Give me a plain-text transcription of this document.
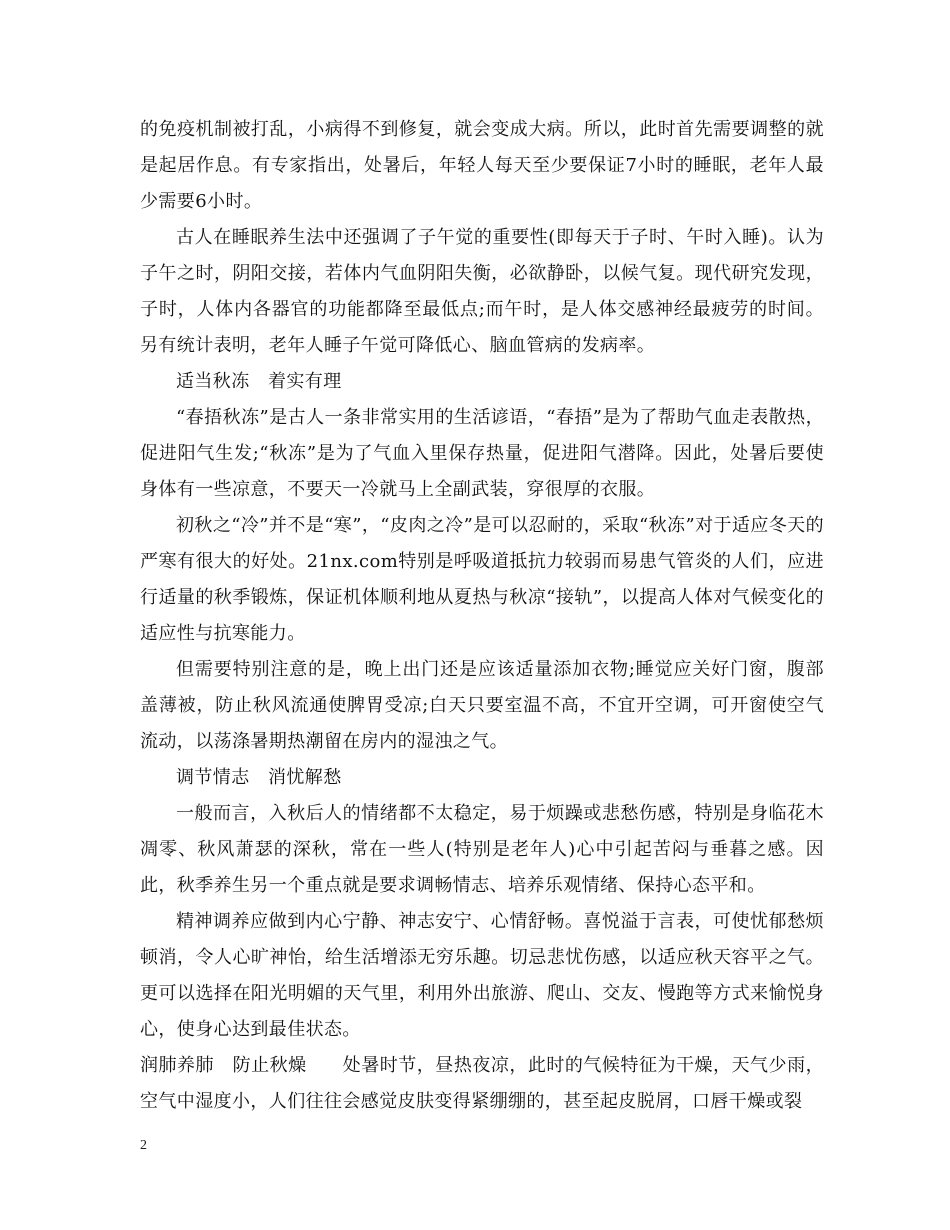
的免疫机制被打乱，小病得不到修复，就会变成大病。所以，此时首先需要调整的就是起居作息。有专家指出，处暑后，年轻人每天至少要保证7小时的睡眠，老年人最少需要6小时。

古人在睡眠养生法中还强调了子午觉的重要性(即每天于子时、午时入睡)。认为子午之时，阴阳交接，若体内气血阴阳失衡，必欲静卧，以候气复。现代研究发现，子时，人体内各器官的功能都降至最低点;而午时，是人体交感神经最疲劳的时间。另有统计表明，老年人睡子午觉可降低心、脑血管病的发病率。

适当秋冻　着实有理

“春捂秋冻”是古人一条非常实用的生活谚语，“春捂”是为了帮助气血走表散热，促进阳气生发;“秋冻”是为了气血入里保存热量，促进阳气潜降。因此，处暑后要使身体有一些凉意，不要天一冷就马上全副武装，穿很厚的衣服。

初秋之“冷”并不是“寒”，“皮肉之冷”是可以忍耐的，采取“秋冻”对于适应冬天的严寒有很大的好处。21nx.com特别是呼吸道抵抗力较弱而易患气管炎的人们，应进行适量的秋季锻炼，保证机体顺利地从夏热与秋凉“接轨”，以提高人体对气候变化的适应性与抗寒能力。

但需要特别注意的是，晚上出门还是应该适量添加衣物;睡觉应关好门窗，腹部盖薄被，防止秋风流通使脾胃受凉;白天只要室温不高，不宜开空调，可开窗使空气流动，以荡涤暑期热潮留在房内的湿浊之气。

调节情志　消忧解愁

一般而言，入秋后人的情绪都不太稳定，易于烦躁或悲愁伤感，特别是身临花木凋零、秋风萧瑟的深秋，常在一些人(特别是老年人)心中引起苦闷与垂暮之感。因此，秋季养生另一个重点就是要求调畅情志、培养乐观情绪、保持心态平和。

精神调养应做到内心宁静、神志安宁、心情舒畅。喜悦溢于言表，可使忧郁愁烦顿消，令人心旷神怡，给生活增添无穷乐趣。切忌悲忧伤感，以适应秋天容平之气。更可以选择在阳光明媚的天气里，利用外出旅游、爬山、交友、慢跑等方式来愉悦身心，使身心达到最佳状态。

润肺养肺　防止秋燥 处暑时节，昼热夜凉，此时的气候特征为干燥，天气少雨，空气中湿度小，人们往往会感觉皮肤变得紧绷绷的，甚至起皮脱屑，口唇干燥或裂

2
